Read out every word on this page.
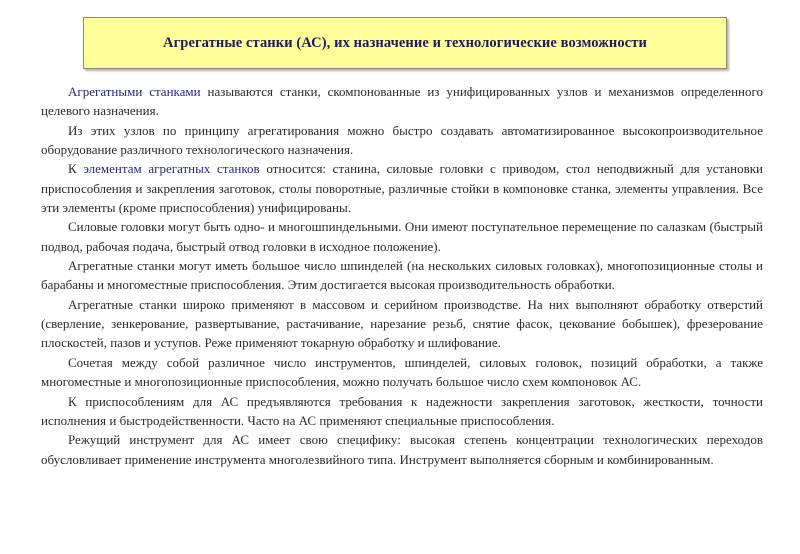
Агрегатные станки (АС), их назначение и технологические возможности

Агрегатными станками называются станки, скомпонованные из унифицированных узлов и механизмов определенного целевого назначения.

Из этих узлов по принципу агрегатирования можно быстро создавать автоматизированное высокопроизводительное оборудование различного технологического назначения.

К элементам агрегатных станков относится: станина, силовые головки с приводом, стол неподвижный для установки приспособления и закрепления заготовок, столы поворотные, различные стойки в компоновке станка, элементы управления. Все эти элементы (кроме приспособления) унифицированы.

Силовые головки могут быть одно- и многошпиндельными. Они имеют поступательное перемещение по салазкам (быстрый подвод, рабочая подача, быстрый отвод головки в исходное положение).

Агрегатные станки могут иметь большое число шпинделей (на нескольких силовых головках), многопозиционные столы и барабаны и многоместные приспособления. Этим достигается высокая производительность обработки.

Агрегатные станки широко применяют в массовом и серийном производстве. На них выполняют обработку отверстий (сверление, зенкерование, развертывание, растачивание, нарезание резьб, снятие фасок, цекование бобышек), фрезерование плоскостей, пазов и уступов. Реже применяют токарную обработку и шлифование.

Сочетая между собой различное число инструментов, шпинделей, силовых головок, позиций обработки, а также многоместные и многопозиционные приспособления, можно получать большое число схем компоновок АС.

К приспособлениям для АС предъявляются требования к надежности закрепления заготовок, жесткости, точности исполнения и быстродейственности. Часто на АС применяют специальные приспособления.

Режущий инструмент для АС имеет свою специфику: высокая степень концентрации технологических переходов обусловливает применение инструмента многолезвийного типа. Инструмент выполняется сборным и комбинированным.
